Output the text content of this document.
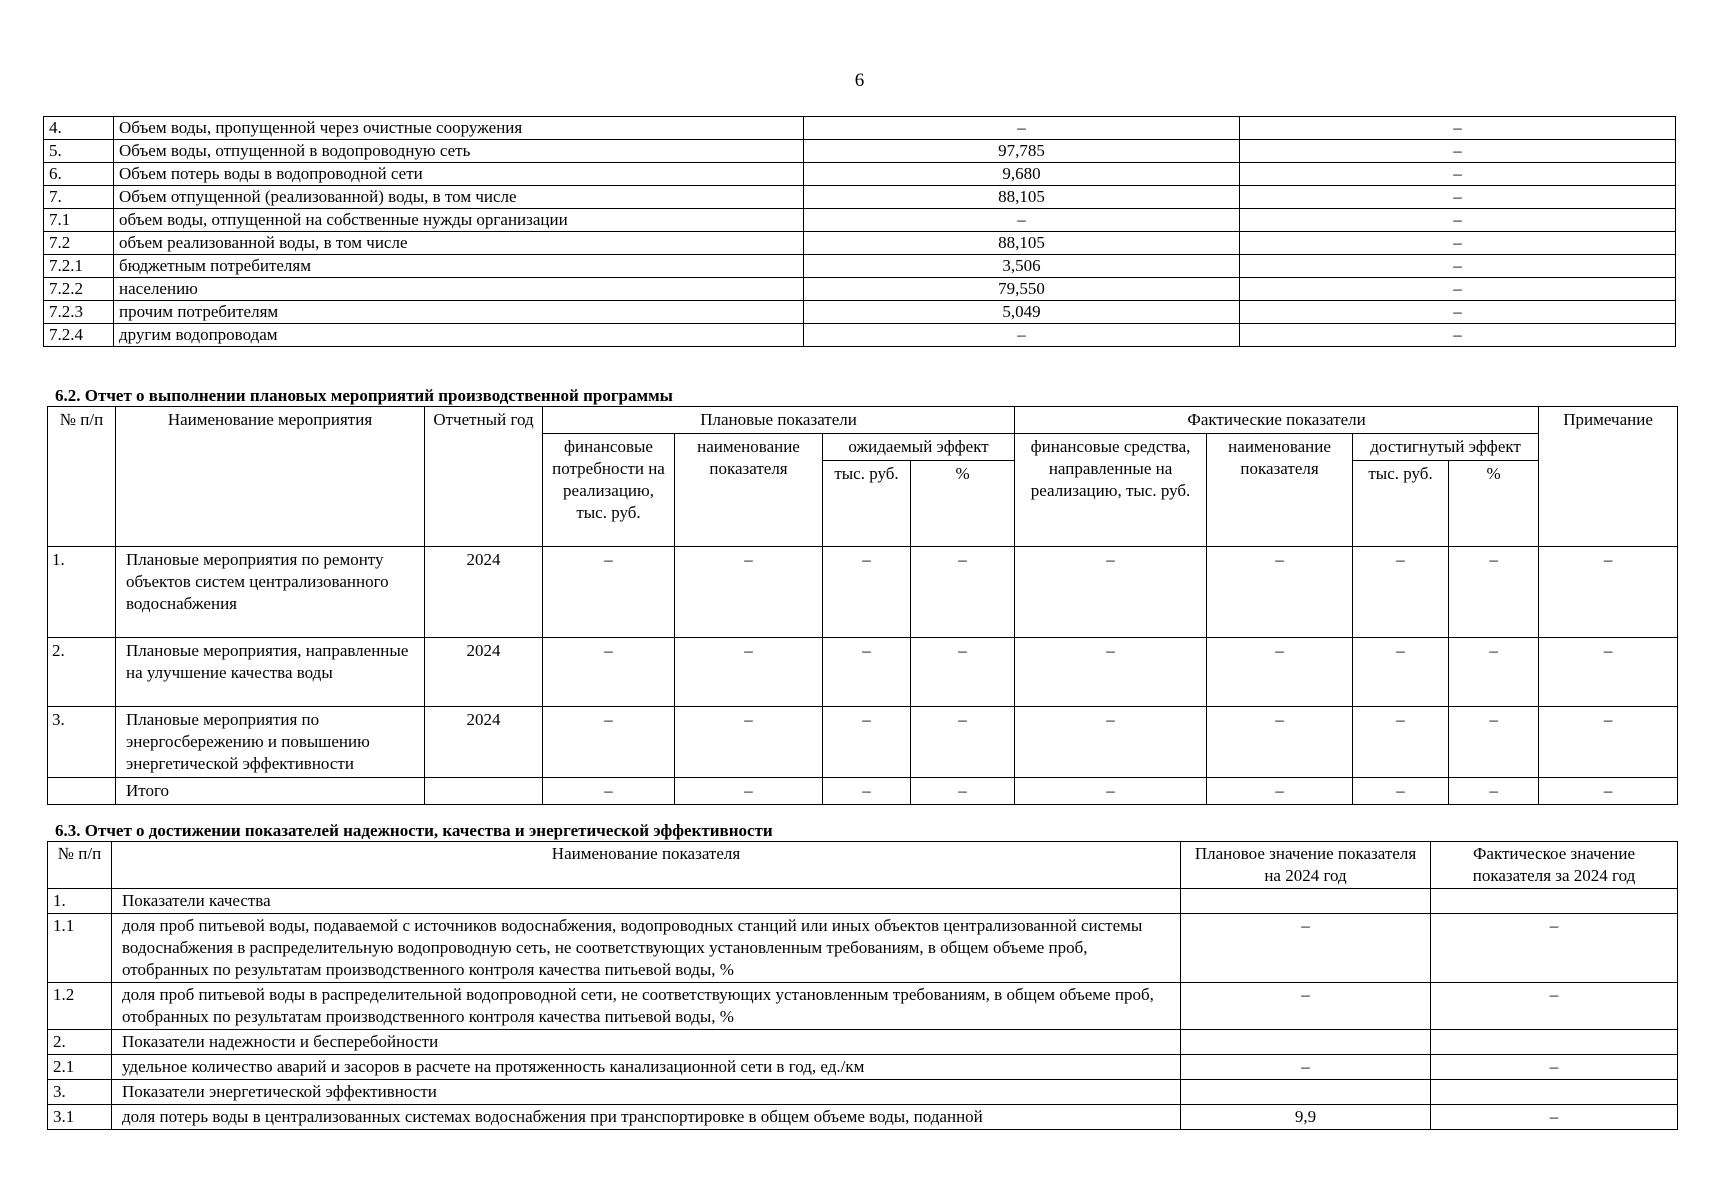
6
4.	Объем воды, пропущенной через очистные сооружения	–	–
5.	Объем воды, отпущенной в водопроводную сеть	97,785	–
6.	Объем потерь воды в водопроводной сети	9,680	–
7.	Объем отпущенной (реализованной) воды, в том числе	88,105	–
7.1	объем воды, отпущенной на собственные нужды организации	–	–
7.2	объем реализованной воды, в том числе	88,105	–
7.2.1	бюджетным потребителям	3,506	–
7.2.2	населению	79,550	–
7.2.3	прочим потребителям	5,049	–
7.2.4	другим водопроводам	–	–
6.2. Отчет о выполнении плановых мероприятий производственной программы
№ п/п	Наименование мероприятия	Отчетный год	Плановые показатели				Фактические показатели				Примечание
			финансовые потребности на реализацию, тыс. руб.	наименование показателя	ожидаемый эффект		финансовые средства, направленные на реализацию, тыс. руб.	наименование показателя	достигнутый эффект		
					тыс. руб.	%			тыс. руб.	%	
1.	Плановые мероприятия по ремонту объектов систем централизованного водоснабжения	2024	–	–	–	–	–	–	–	–	–
2.	Плановые мероприятия, направленные на улучшение качества воды	2024	–	–	–	–	–	–	–	–	–
3.	Плановые мероприятия по энергосбережению и повышению энергетической эффективности	2024	–	–	–	–	–	–	–	–	–
	Итого		–	–	–	–	–	–	–	–	–
6.3. Отчет о достижении показателей надежности, качества и энергетической эффективности
№ п/п	Наименование показателя	Плановое значение показателя на 2024 год	Фактическое значение показателя за 2024 год
1.	Показатели качества		
1.1	доля проб питьевой воды, подаваемой с источников водоснабжения, водопроводных станций или иных объектов централизованной системы водоснабжения в распределительную водопроводную сеть, не соответствующих установленным требованиям, в общем объеме проб, отобранных по результатам производственного контроля качества питьевой воды, %	–	–
1.2	доля проб питьевой воды в распределительной водопроводной сети, не соответствующих установленным требованиям, в общем объеме проб, отобранных по результатам производственного контроля качества питьевой воды, %	–	–
2.	Показатели надежности и бесперебойности		
2.1	удельное количество аварий и засоров в расчете на протяженность канализационной сети в год, ед./км	–	–
3.	Показатели энергетической эффективности		
3.1	доля потерь воды в централизованных системах водоснабжения при транспортировке в общем объеме воды, поданной	9,9	–
